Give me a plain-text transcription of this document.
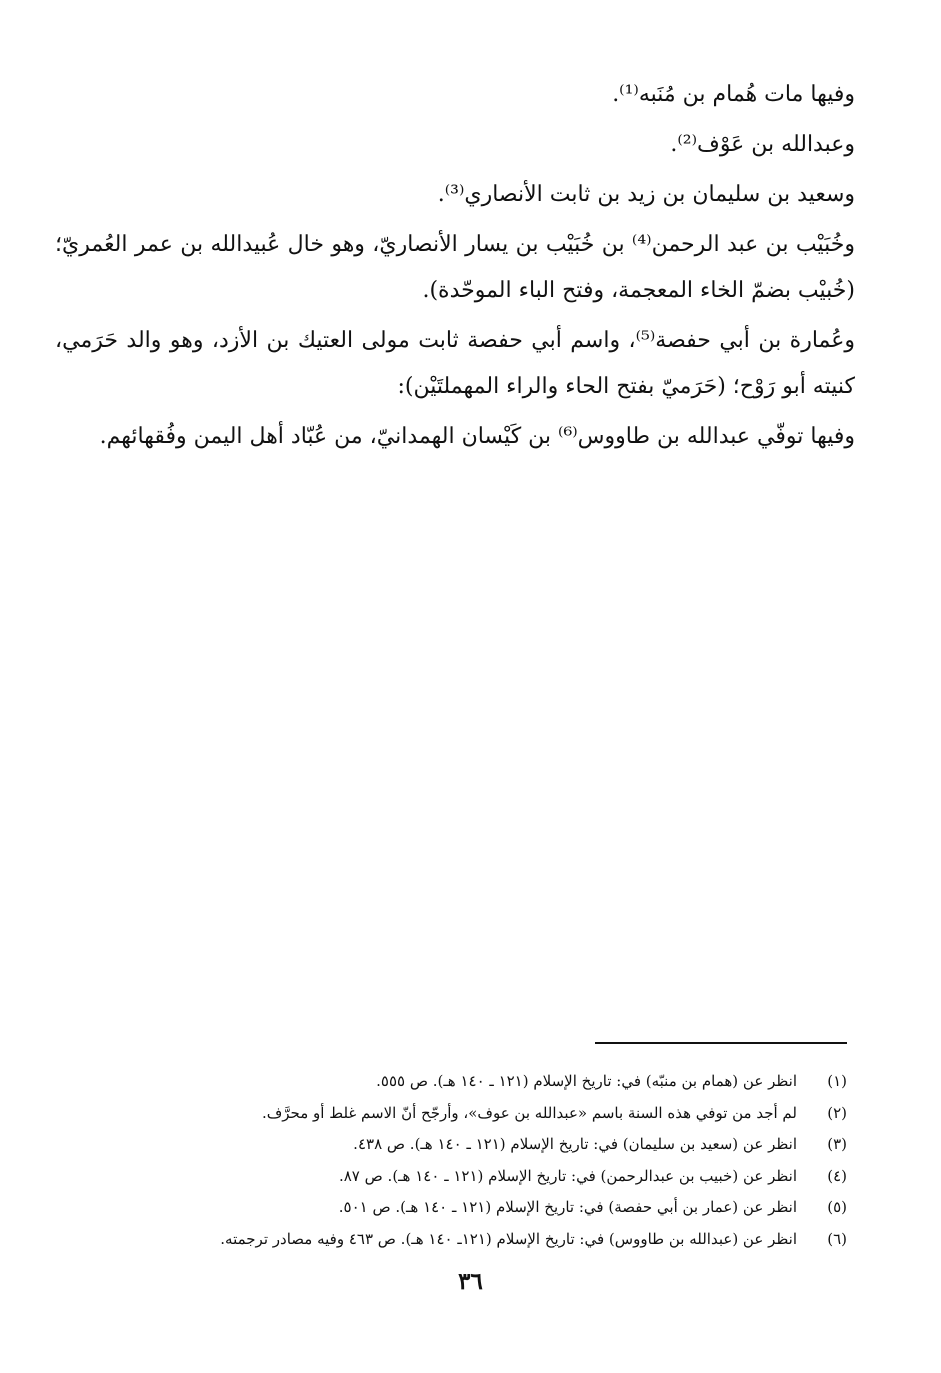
وفيها مات هُمام بن مُنَبه⁽¹⁾.

وعبدالله بن عَوْف⁽²⁾.

وسعيد بن سليمان بن زيد بن ثابت الأنصاري⁽³⁾.

وخُبَيْب بن عبد الرحمن⁽⁴⁾ بن خُبَيْب بن يسار الأنصاريّ، وهو خال عُبيدالله بن عمر العُمريّ؛ (خُبيْب بضمّ الخاء المعجمة، وفتح الباء الموحّدة).

وعُمارة بن أبي حفصة⁽⁵⁾، واسم أبي حفصة ثابت مولى العتيك بن الأزد، وهو والد حَرَمي، كنيته أبو رَوْح؛ (حَرَميّ بفتح الحاء والراء المهملتَيْن):

وفيها توفّي عبدالله بن طاووس⁽⁶⁾ بن كَيْسان الهمدانيّ، من عُبّاد أهل اليمن وفُقهائهم.

(١)
انظر عن (همام بن منبّه) في: تاريخ الإسلام (١٢١ ـ ١٤٠ هـ). ص ٥٥٥.
(٢)
لم أجد من توفي هذه السنة باسم «عبدالله بن عوف»، وأرجّح أنّ الاسم غلط أو محرَّف.
(٣)
انظر عن (سعيد بن سليمان) في: تاريخ الإسلام (١٢١ ـ ١٤٠ هـ). ص ٤٣٨.
(٤)
انظر عن (خبيب بن عبدالرحمن) في: تاريخ الإسلام (١٢١ ـ ١٤٠ هـ). ص ٨٧.
(٥)
انظر عن (عمار بن أبي حفصة) في: تاريخ الإسلام (١٢١ ـ ١٤٠ هـ). ص ٥٠١.
(٦)
انظر عن (عبدالله بن طاووس) في: تاريخ الإسلام (١٢١ـ ١٤٠ هـ). ص ٤٦٣ وفيه مصادر ترجمته.
٣٦
